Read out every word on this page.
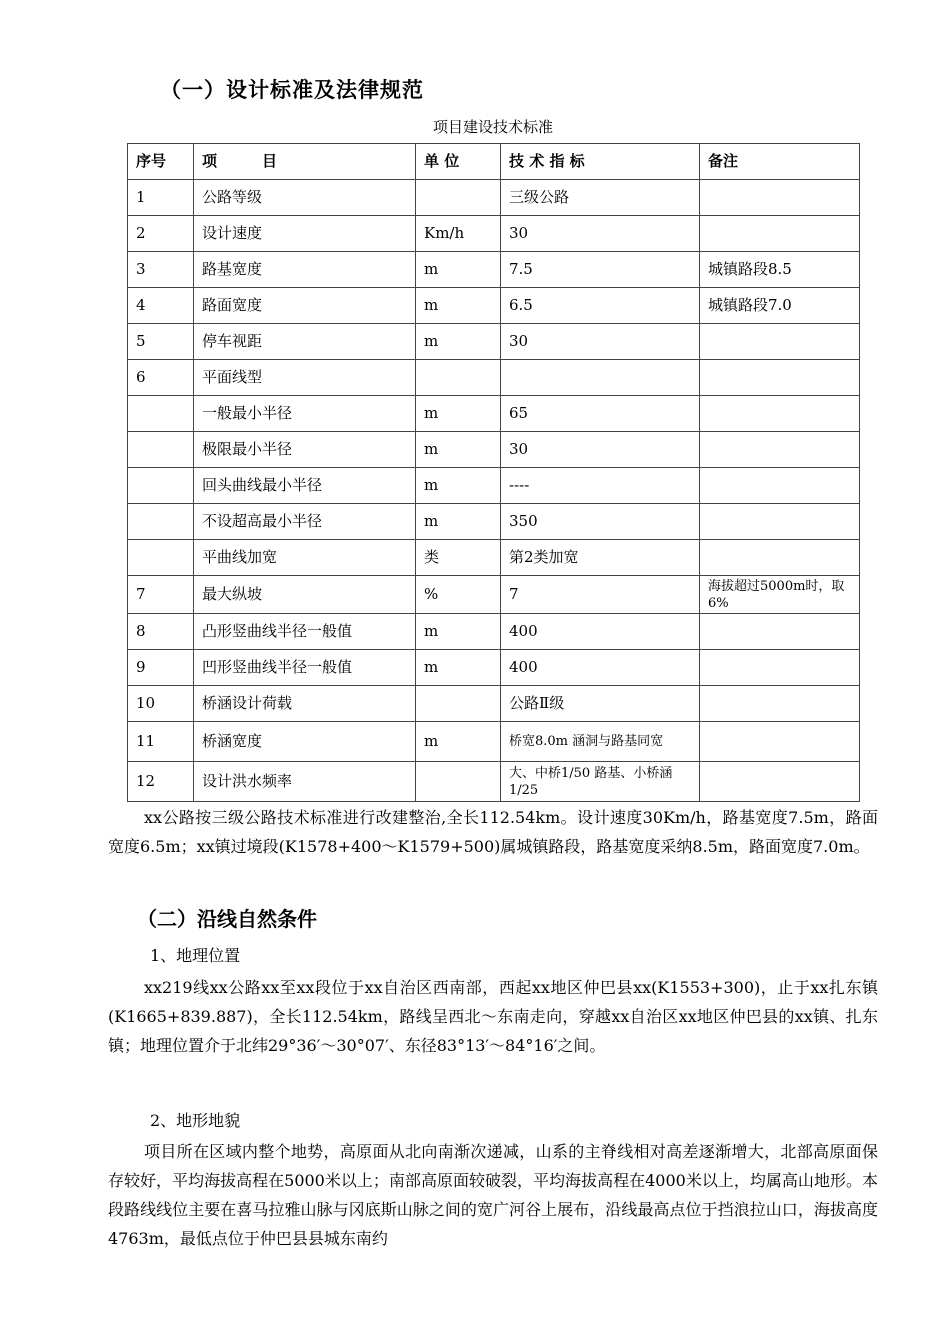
（一）设计标准及法律规范
项目建设技术标准
序号	项　　　目	单 位	技 术 指 标	备注
1	公路等级		三级公路	
2	设计速度	Km/h	30	
3	路基宽度	m	7.5	城镇路段8.5
4	路面宽度	m	6.5	城镇路段7.0
5	停车视距	m	30	
6	平面线型			
	一般最小半径	m	65	
	极限最小半径	m	30	
	回头曲线最小半径	m	----	
	不设超高最小半径	m	350	
	平曲线加宽	类	第2类加宽	
7	最大纵坡	%	7	海拔超过5000m时，取6%
8	凸形竖曲线半径一般值	m	400	
9	凹形竖曲线半径一般值	m	400	
10	桥涵设计荷载		公路Ⅱ级	
11	桥涵宽度	m	桥宽8.0m 涵洞与路基同宽	
12	设计洪水频率		大、中桥1/50 路基、小桥涵1/25	
xx公路按三级公路技术标准进行改建整治,全长112.54km。设计速度30Km/h，路基宽度7.5m，路面宽度6.5m；xx镇过境段(K1578+400～K1579+500)属城镇路段，路基宽度采纳8.5m，路面宽度7.0m。
（二）沿线自然条件
1、地理位置
xx219线xx公路xx至xx段位于xx自治区西南部，西起xx地区仲巴县xx(K1553+300)，止于xx扎东镇(K1665+839.887)，全长112.54km，路线呈西北～东南走向，穿越xx自治区xx地区仲巴县的xx镇、扎东镇；地理位置介于北纬29°36′～30°07′、东径83°13′～84°16′之间。
2、地形地貌
项目所在区域内整个地势，高原面从北向南渐次递减，山系的主脊线相对高差逐渐增大，北部高原面保存较好，平均海拔高程在5000米以上；南部高原面较破裂，平均海拔高程在4000米以上，均属高山地形。本段路线线位主要在喜马拉雅山脉与冈底斯山脉之间的宽广河谷上展布，沿线最高点位于挡浪拉山口，海拔高度4763m，最低点位于仲巴县县城东南约
